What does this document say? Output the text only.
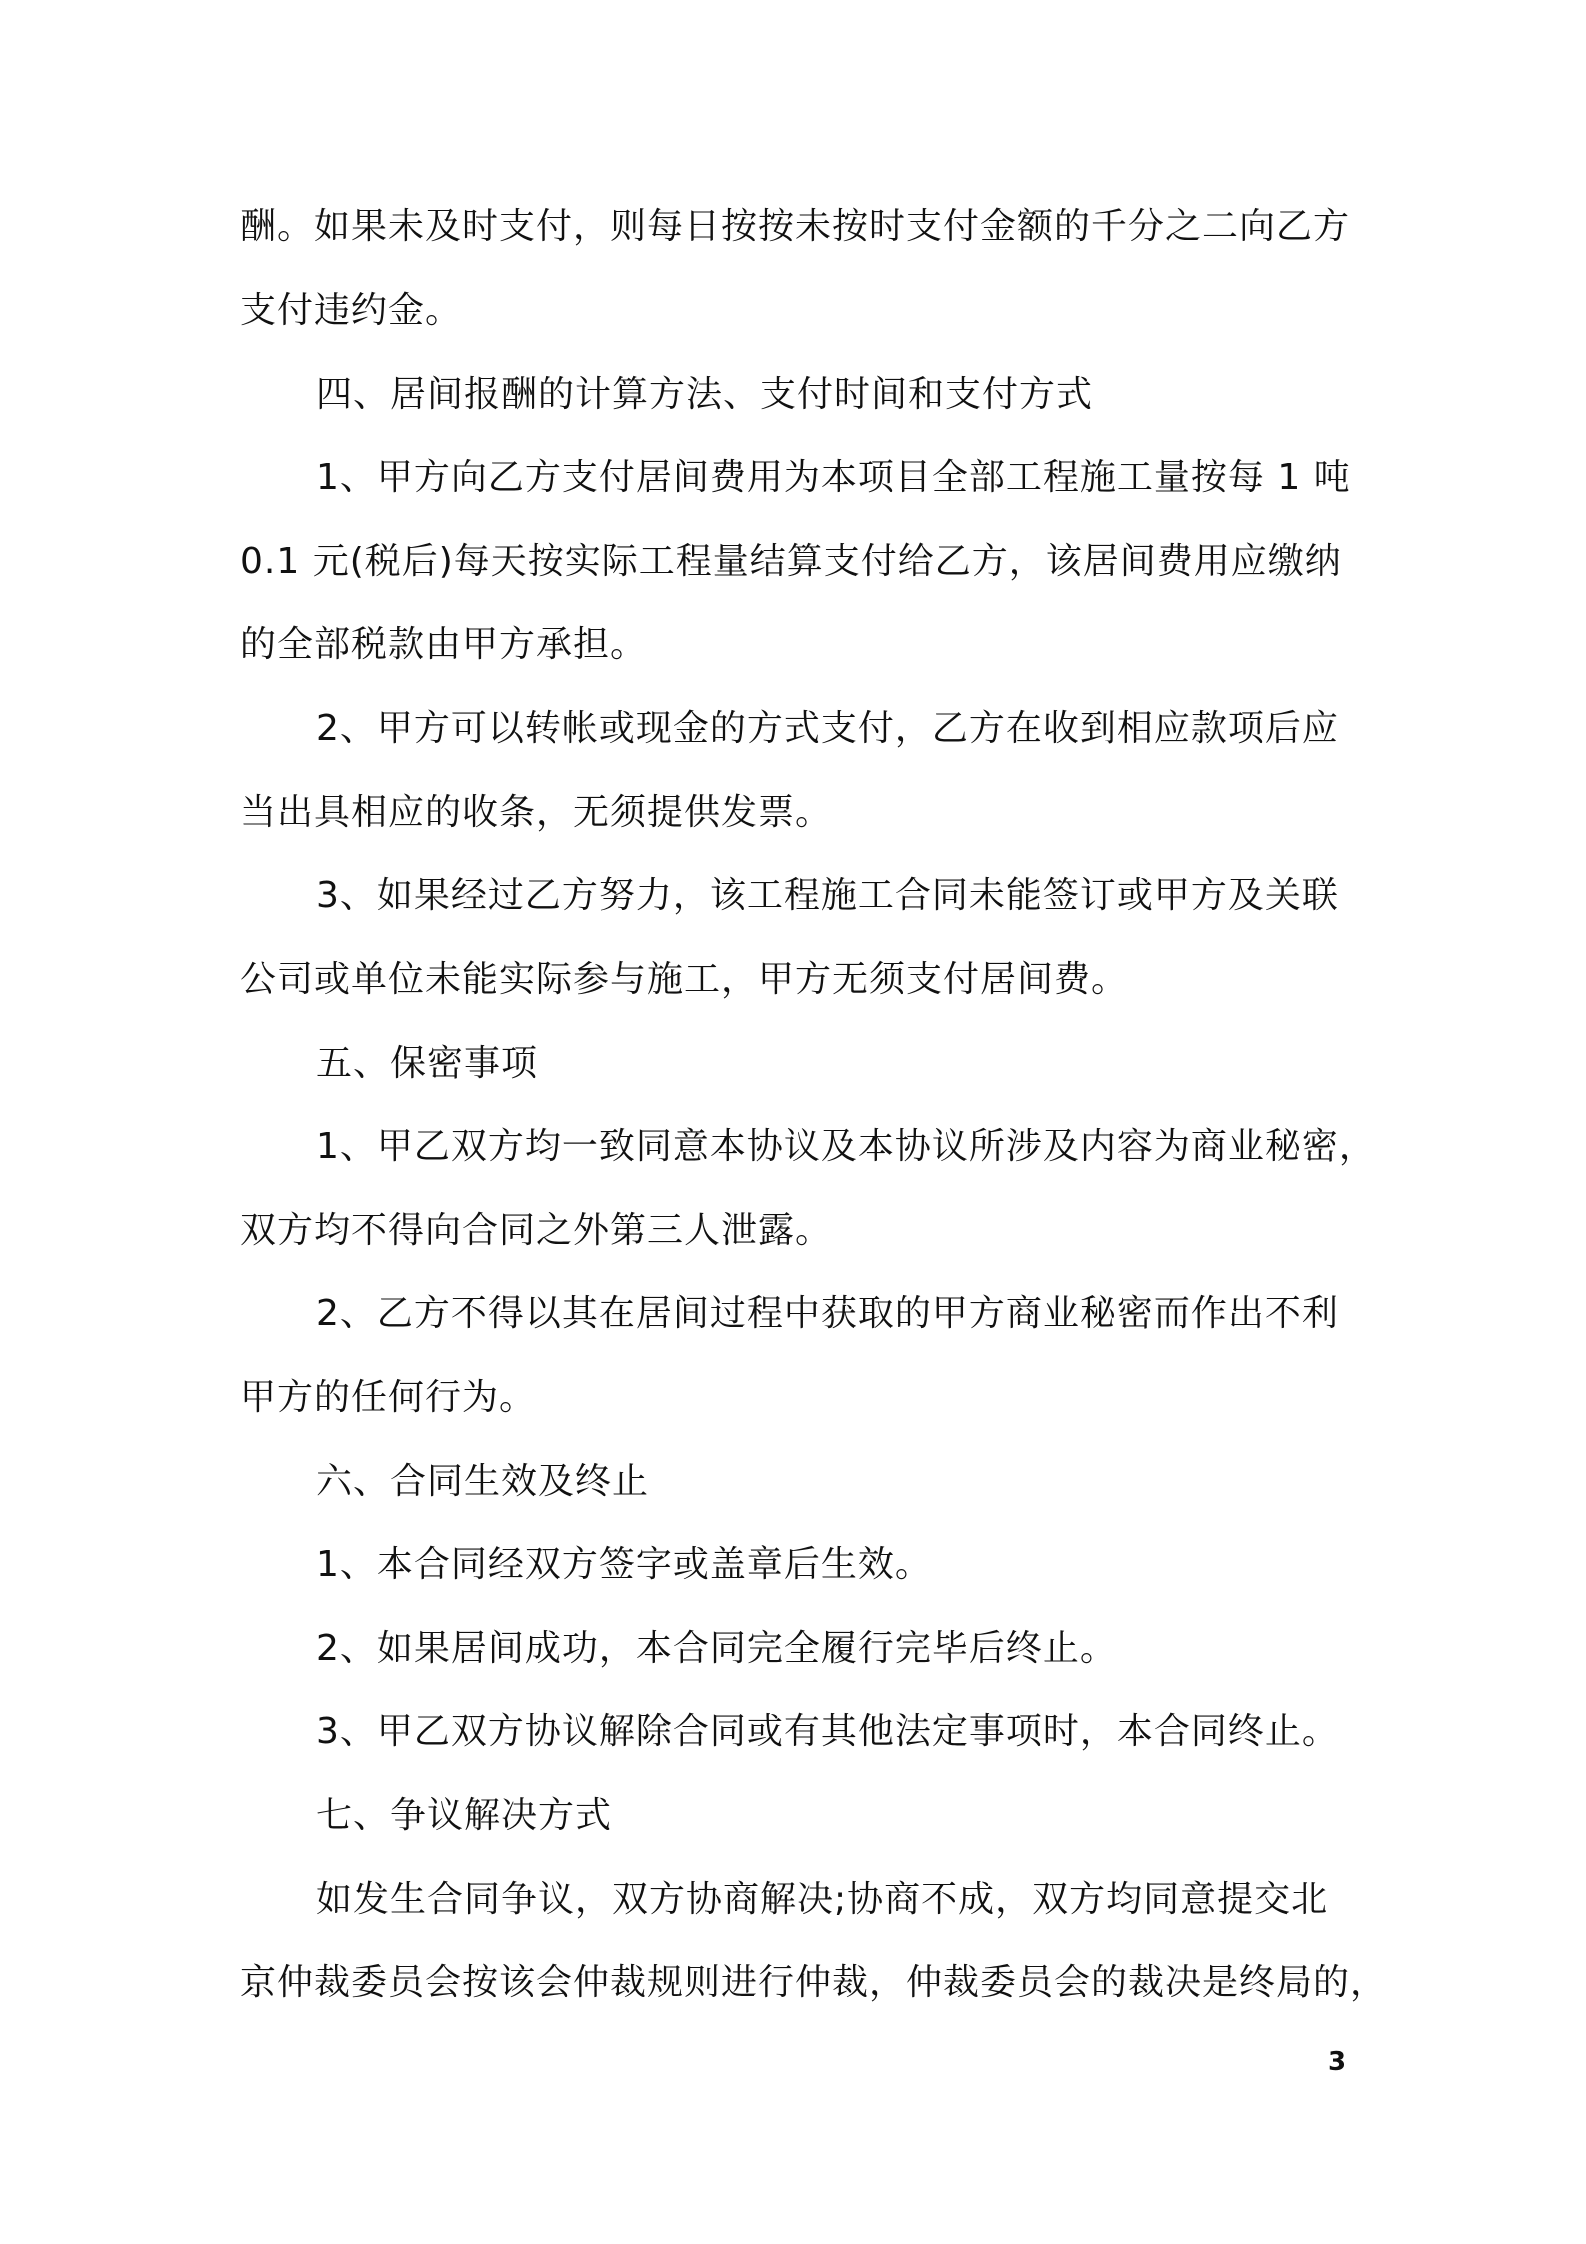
酬。如果未及时支付，则每日按按未按时支付金额的千分之二向乙方
支付违约金。
四、居间报酬的计算方法、支付时间和支付方式
1、甲方向乙方支付居间费用为本项目全部工程施工量按每 1 吨
0.1 元(税后)每天按实际工程量结算支付给乙方，该居间费用应缴纳
的全部税款由甲方承担。
2、甲方可以转帐或现金的方式支付，乙方在收到相应款项后应
当出具相应的收条，无须提供发票。
3、如果经过乙方努力，该工程施工合同未能签订或甲方及关联
公司或单位未能实际参与施工，甲方无须支付居间费。
五、保密事项
1、甲乙双方均一致同意本协议及本协议所涉及内容为商业秘密，
双方均不得向合同之外第三人泄露。
2、乙方不得以其在居间过程中获取的甲方商业秘密而作出不利
甲方的任何行为。
六、合同生效及终止
1、本合同经双方签字或盖章后生效。
2、如果居间成功，本合同完全履行完毕后终止。
3、甲乙双方协议解除合同或有其他法定事项时，本合同终止。
七、争议解决方式
如发生合同争议，双方协商解决;协商不成，双方均同意提交北
京仲裁委员会按该会仲裁规则进行仲裁，仲裁委员会的裁决是终局的，
3
